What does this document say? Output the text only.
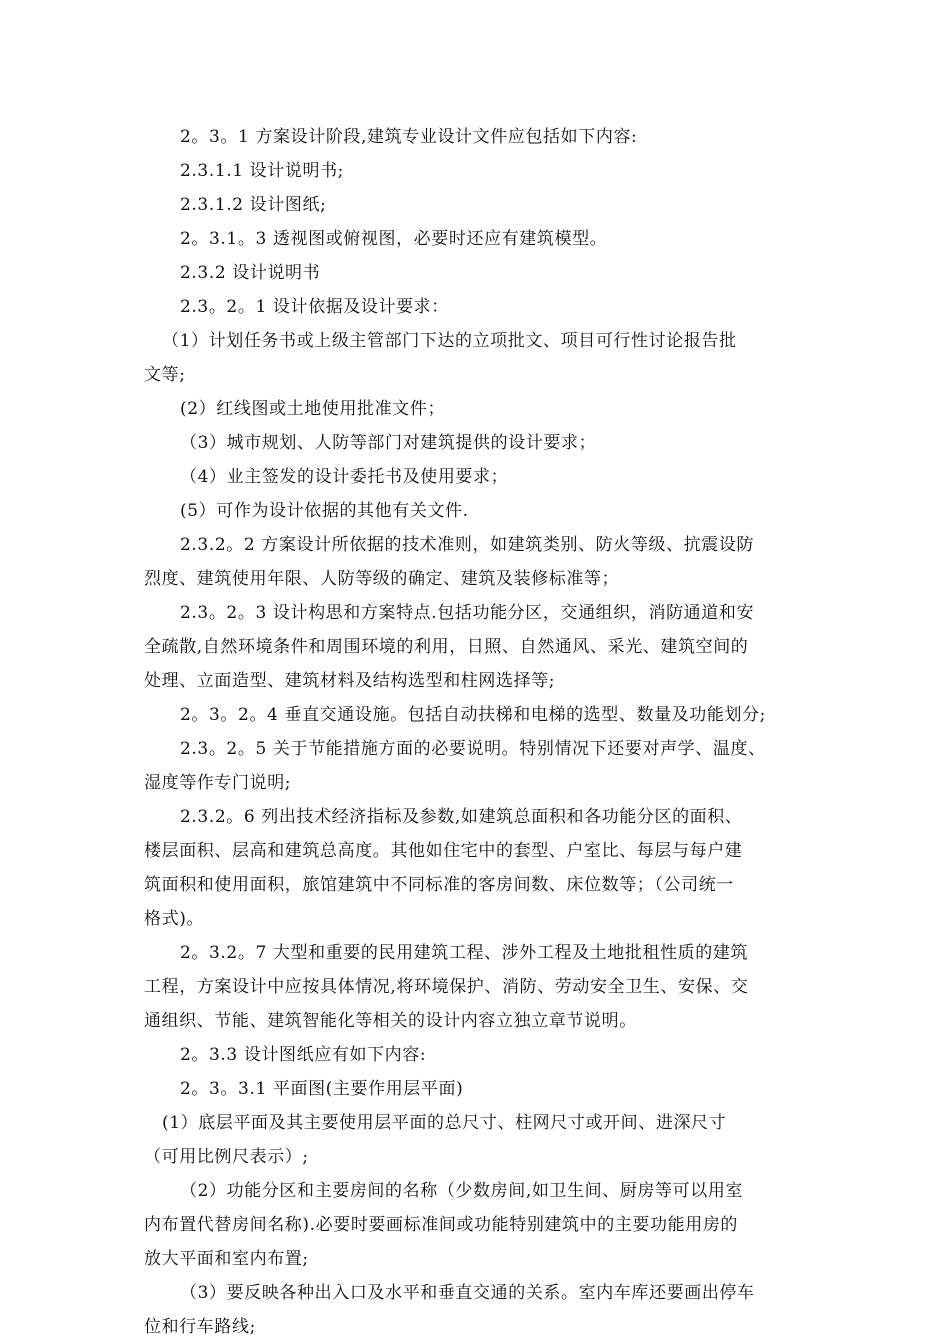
2。3。1 方案设计阶段,建筑专业设计文件应包括如下内容:
2.3.1.1 设计说明书;
2.3.1.2 设计图纸;
2。3.1。3 透视图或俯视图，必要时还应有建筑模型。
2.3.2 设计说明书
2.3。2。1 设计依据及设计要求：
（1）计划任务书或上级主管部门下达的立项批文、项目可行性讨论报告批
文等;
(2）红线图或土地使用批准文件；
（3）城市规划、人防等部门对建筑提供的设计要求；
（4）业主签发的设计委托书及使用要求；
(5）可作为设计依据的其他有关文件.
2.3.2。2 方案设计所依据的技术准则，如建筑类别、防火等级、抗震设防
烈度、建筑使用年限、人防等级的确定、建筑及装修标准等；
2.3。2。3 设计构思和方案特点.包括功能分区，交通组织，消防通道和安
全疏散,自然环境条件和周围环境的利用，日照、自然通风、采光、建筑空间的
处理、立面造型、建筑材料及结构选型和柱网选择等;
2。3。2。4 垂直交通设施。包括自动扶梯和电梯的选型、数量及功能划分;
2.3。2。5 关于节能措施方面的必要说明。特别情况下还要对声学、温度、
湿度等作专门说明;
2.3.2。6 列出技术经济指标及参数,如建筑总面积和各功能分区的面积、
楼层面积、层高和建筑总高度。其他如住宅中的套型、户室比、每层与每户建
筑面积和使用面积，旅馆建筑中不同标准的客房间数、床位数等；（公司统一
格式)。
2。3.2。7 大型和重要的民用建筑工程、涉外工程及土地批租性质的建筑
工程，方案设计中应按具体情况,将环境保护、消防、劳动安全卫生、安保、交
通组织、节能、建筑智能化等相关的设计内容立独立章节说明。
2。3.3 设计图纸应有如下内容:
2。3。3.1 平面图(主要作用层平面)
(1）底层平面及其主要使用层平面的总尺寸、柱网尺寸或开间、进深尺寸
（可用比例尺表示）;
（2）功能分区和主要房间的名称（少数房间,如卫生间、厨房等可以用室
内布置代替房间名称).必要时要画标准间或功能特别建筑中的主要功能用房的
放大平面和室内布置;
（3）要反映各种出入口及水平和垂直交通的关系。室内车库还要画出停车
位和行车路线;
